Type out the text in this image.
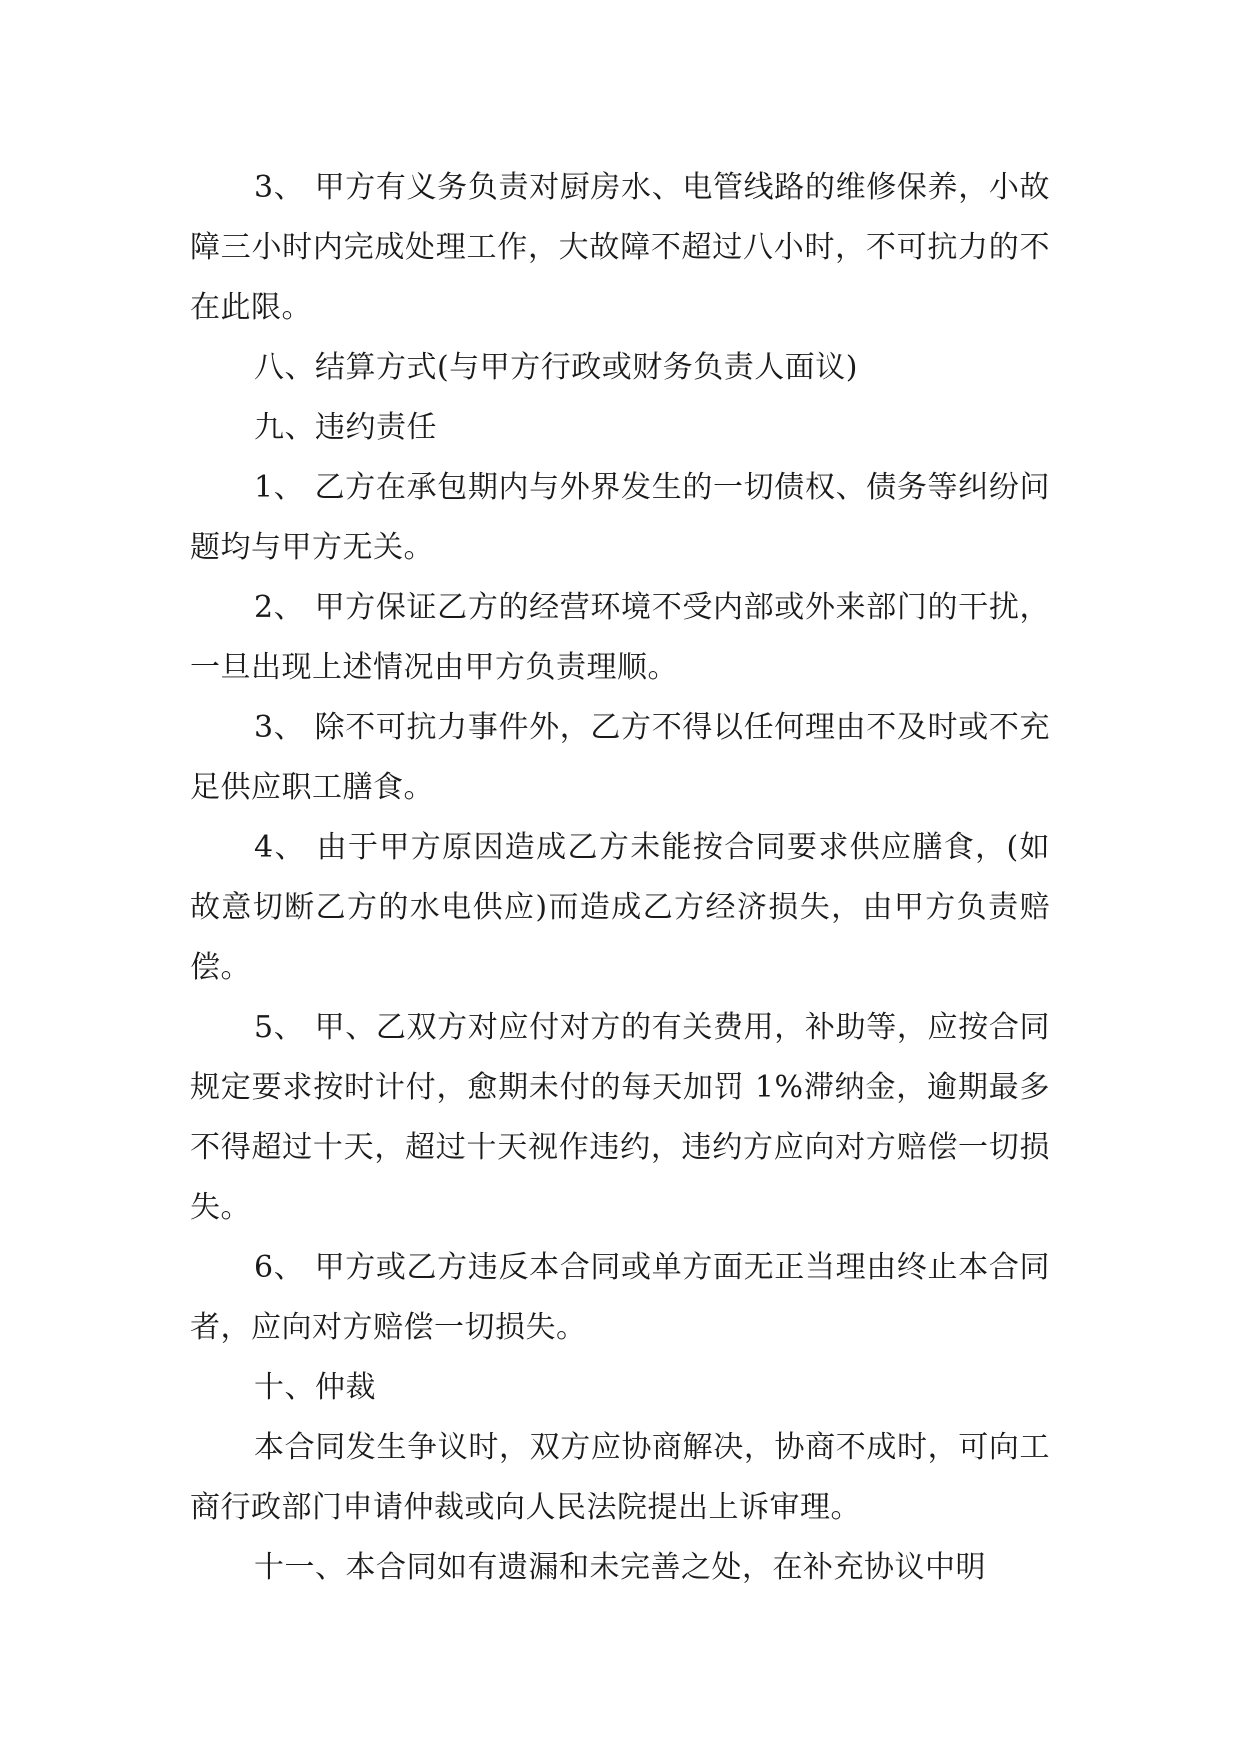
3、 甲方有义务负责对厨房水、电管线路的维修保养，小故障三小时内完成处理工作，大故障不超过八小时，不可抗力的不在此限。

八、结算方式(与甲方行政或财务负责人面议)

九、违约责任

1、 乙方在承包期内与外界发生的一切债权、债务等纠纷问题均与甲方无关。

2、 甲方保证乙方的经营环境不受内部或外来部门的干扰，一旦出现上述情况由甲方负责理顺。

3、 除不可抗力事件外，乙方不得以任何理由不及时或不充足供应职工膳食。

4、 由于甲方原因造成乙方未能按合同要求供应膳食，(如故意切断乙方的水电供应)而造成乙方经济损失，由甲方负责赔偿。

5、 甲、乙双方对应付对方的有关费用，补助等，应按合同规定要求按时计付，愈期未付的每天加罚 1%滞纳金，逾期最多不得超过十天，超过十天视作违约，违约方应向对方赔偿一切损失。

6、 甲方或乙方违反本合同或单方面无正当理由终止本合同者，应向对方赔偿一切损失。

十、仲裁

本合同发生争议时，双方应协商解决，协商不成时，可向工商行政部门申请仲裁或向人民法院提出上诉审理。

十一、本合同如有遗漏和未完善之处，在补充协议中明
